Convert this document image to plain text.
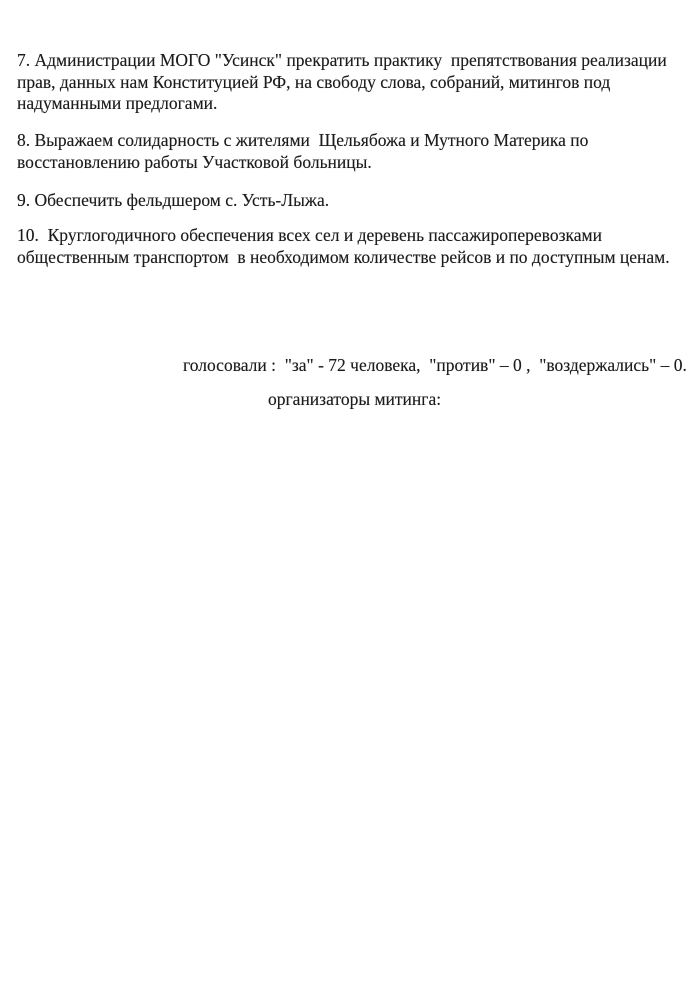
7. Администрации МОГО "Усинск" прекратить практику  препятствования реализации
прав, данных нам Конституцией РФ, на свободу слова, собраний, митингов под
надуманными предлогами.
8. Выражаем солидарность с жителями  Щельябожа и Мутного Материка по
восстановлению работы Участковой больницы.
9. Обеспечить фельдшером с. Усть-Лыжа.
10.  Круглогодичного обеспечения всех сел и деревень пассажироперевозками
общественным транспортом  в необходимом количестве рейсов и по доступным ценам.
голосовали :  "за" - 72 человека,  "против" – 0 ,  "воздержались" – 0.
организаторы митинга:
